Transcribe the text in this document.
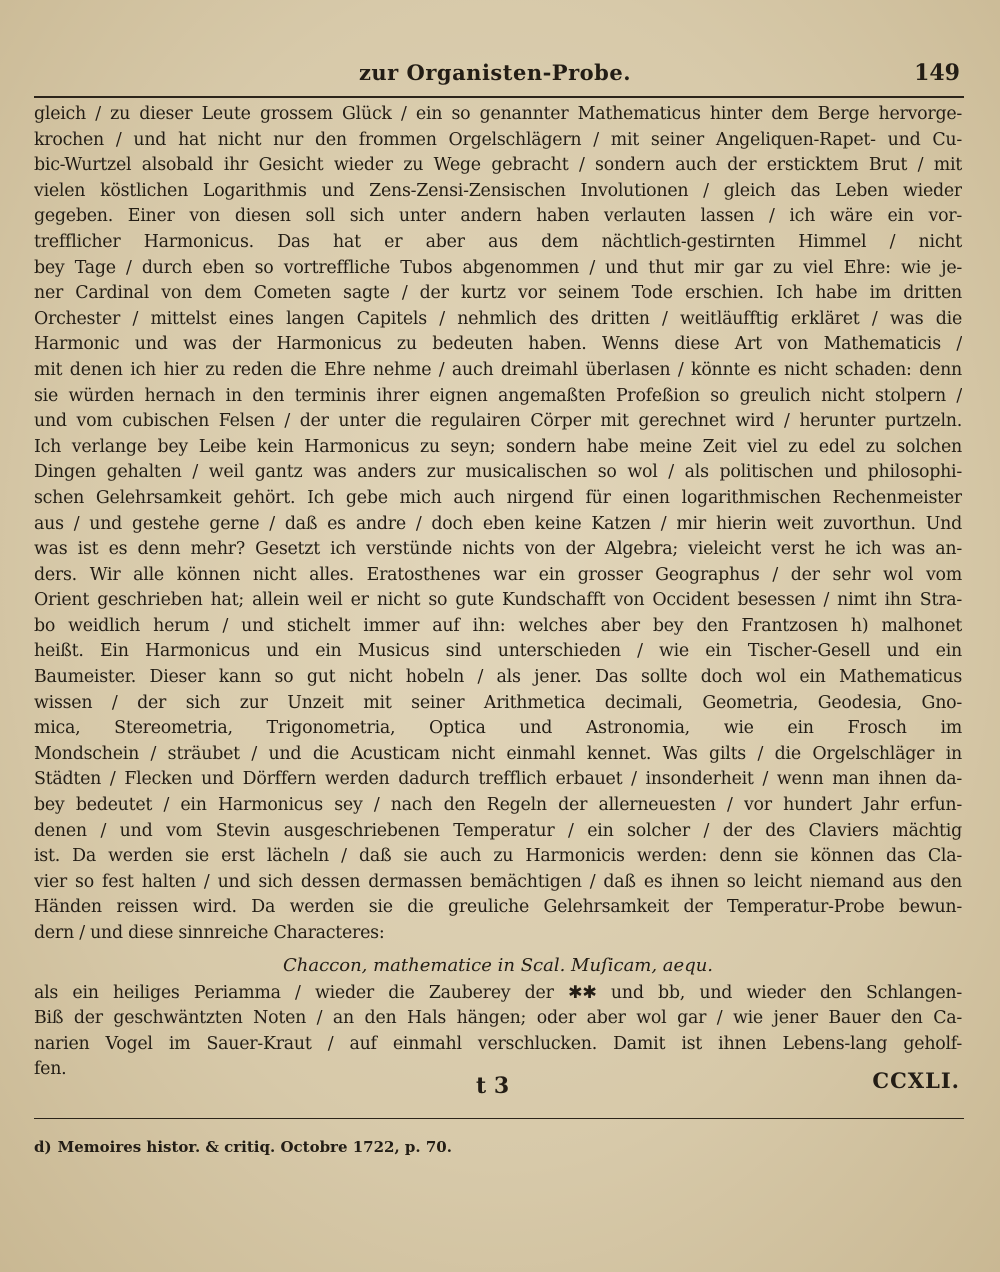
zur Organisten-Probe.	149
gleich / zu dieser Leute grossem Glück / ein so genannter Mathematicus hinter dem Berge hervorge-
krochen / und hat nicht nur den frommen Orgelschlägern / mit seiner Angeliquen-Rapet- und Cu-
bic-Wurtzel alsobald ihr Gesicht wieder zu Wege gebracht / sondern auch der ersticktem Brut / mit
vielen köstlichen Logarithmis und Zens-Zensi-Zensischen Involutionen / gleich das Leben wieder
gegeben. Einer von diesen soll sich unter andern haben verlauten lassen / ich wäre ein vor-
trefflicher Harmonicus. Das hat er aber aus dem nächtlich-gestirnten Himmel / nicht
bey Tage / durch eben so vortreffliche Tubos abgenommen / und thut mir gar zu viel Ehre: wie je-
ner Cardinal von dem Cometen sagte / der kurtz vor seinem Tode erschien. Ich habe im dritten
Orchester / mittelst eines langen Capitels / nehmlich des dritten / weitläufftig erkläret / was die
Harmonic und was der Harmonicus zu bedeuten haben. Wenns diese Art von Mathematicis /
mit denen ich hier zu reden die Ehre nehme / auch dreimahl überlasen / könnte es nicht schaden: denn
sie würden hernach in den terminis ihrer eignen angemaßten Profeßion so greulich nicht stolpern /
und vom cubischen Felsen / der unter die regulairen Cörper mit gerechnet wird / herunter purtzeln.
Ich verlange bey Leibe kein Harmonicus zu seyn; sondern habe meine Zeit viel zu edel zu solchen
Dingen gehalten / weil gantz was anders zur musicalischen so wol / als politischen und philosophi-
schen Gelehrsamkeit gehört. Ich gebe mich auch nirgend für einen logarithmischen Rechenmeister
aus / und gestehe gerne / daß es andre / doch eben keine Katzen / mir hierin weit zuvorthun. Und
was ist es denn mehr? Gesetzt ich verstünde nichts von der Algebra; vieleicht verst he ich was an-
ders. Wir alle können nicht alles. Eratosthenes war ein grosser Geographus / der sehr wol vom
Orient geschrieben hat; allein weil er nicht so gute Kundschafft von Occident besessen / nimt ihn Stra-
bo weidlich herum / und stichelt immer auf ihn: welches aber bey den Frantzosen h) malhonet
heißt. Ein Harmonicus und ein Musicus sind unterschieden / wie ein Tischer-Gesell und ein
Baumeister. Dieser kann so gut nicht hobeln / als jener. Das sollte doch wol ein Mathematicus
wissen / der sich zur Unzeit mit seiner Arithmetica decimali, Geometria, Geodesia, Gno-
mica, Stereometria, Trigonometria, Optica und Astronomia, wie ein Frosch im
Mondschein / sträubet / und die Acusticam nicht einmahl kennet. Was gilts / die Orgelschläger in
Städten / Flecken und Dörffern werden dadurch trefflich erbauet / insonderheit / wenn man ihnen da-
bey bedeutet / ein Harmonicus sey / nach den Regeln der allerneuesten / vor hundert Jahr erfun-
denen / und vom Stevin ausgeschriebenen Temperatur / ein solcher / der des Claviers mächtig
ist. Da werden sie erst lächeln / daß sie auch zu Harmonicis werden: denn sie können das Cla-
vier so fest halten / und sich dessen dermassen bemächtigen / daß es ihnen so leicht niemand aus den
Händen reissen wird. Da werden sie die greuliche Gelehrsamkeit der Temperatur-Probe bewun-
dern / und diese sinnreiche Characteres:
Chaccon, mathematice in Scal. Muſicam, aequ.
als ein heiliges Periamma / wieder die Zauberey der ✱✱ und bb, und wieder den Schlangen-
Biß der geschwäntzten Noten / an den Hals hängen; oder aber wol gar / wie jener Bauer den Ca-
narien Vogel im Sauer-Kraut / auf einmahl verschlucken. Damit ist ihnen Lebens-lang geholf-
fen.
t 3	CCXLI.
d) Memoires histor. & critiq. Octobre 1722, p. 70.
